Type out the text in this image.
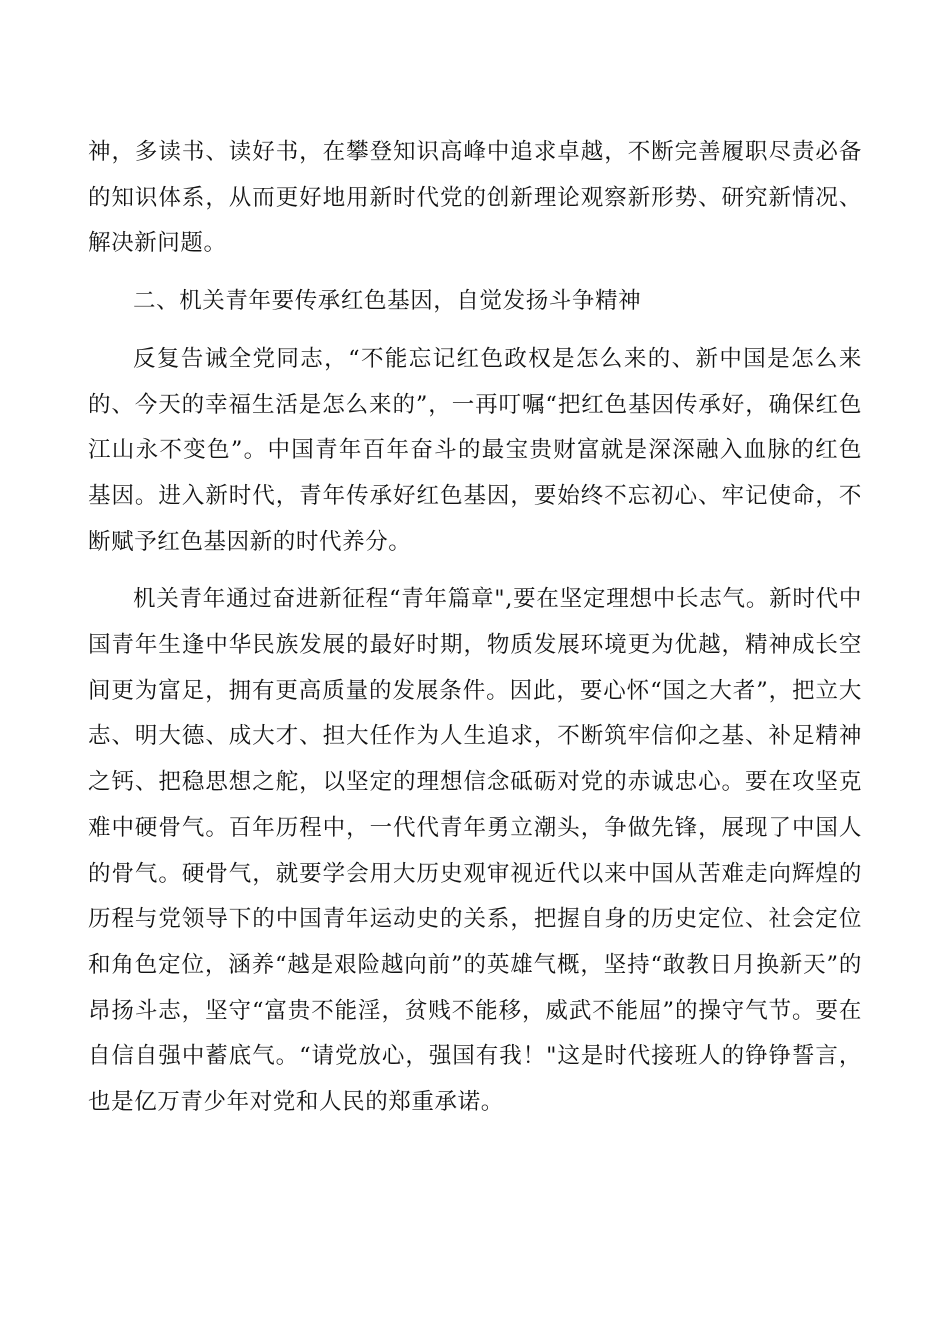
神，多读书、读好书，在攀登知识高峰中追求卓越，不断完善履职尽责必备的知识体系，从而更好地用新时代党的创新理论观察新形势、研究新情况、解决新问题。

二、机关青年要传承红色基因，自觉发扬斗争精神

反复告诫全党同志，“不能忘记红色政权是怎么来的、新中国是怎么来的、今天的幸福生活是怎么来的”，一再叮嘱“把红色基因传承好，确保红色江山永不变色”。中国青年百年奋斗的最宝贵财富就是深深融入血脉的红色基因。进入新时代，青年传承好红色基因，要始终不忘初心、牢记使命，不断赋予红色基因新的时代养分。

机关青年通过奋进新征程“青年篇章",要在坚定理想中长志气。新时代中国青年生逢中华民族发展的最好时期，物质发展环境更为优越，精神成长空间更为富足，拥有更高质量的发展条件。因此，要心怀“国之大者”，把立大志、明大德、成大才、担大任作为人生追求，不断筑牢信仰之基、补足精神之钙、把稳思想之舵，以坚定的理想信念砥砺对党的赤诚忠心。要在攻坚克难中硬骨气。百年历程中，一代代青年勇立潮头，争做先锋，展现了中国人的骨气。硬骨气，就要学会用大历史观审视近代以来中国从苦难走向辉煌的历程与党领导下的中国青年运动史的关系，把握自身的历史定位、社会定位和角色定位，涵养“越是艰险越向前”的英雄气概，坚持“敢教日月换新天”的昂扬斗志，坚守“富贵不能淫，贫贱不能移，威武不能屈”的操守气节。要在自信自强中蓄底气。“请党放心，强国有我！"这是时代接班人的铮铮誓言，也是亿万青少年对党和人民的郑重承诺。
